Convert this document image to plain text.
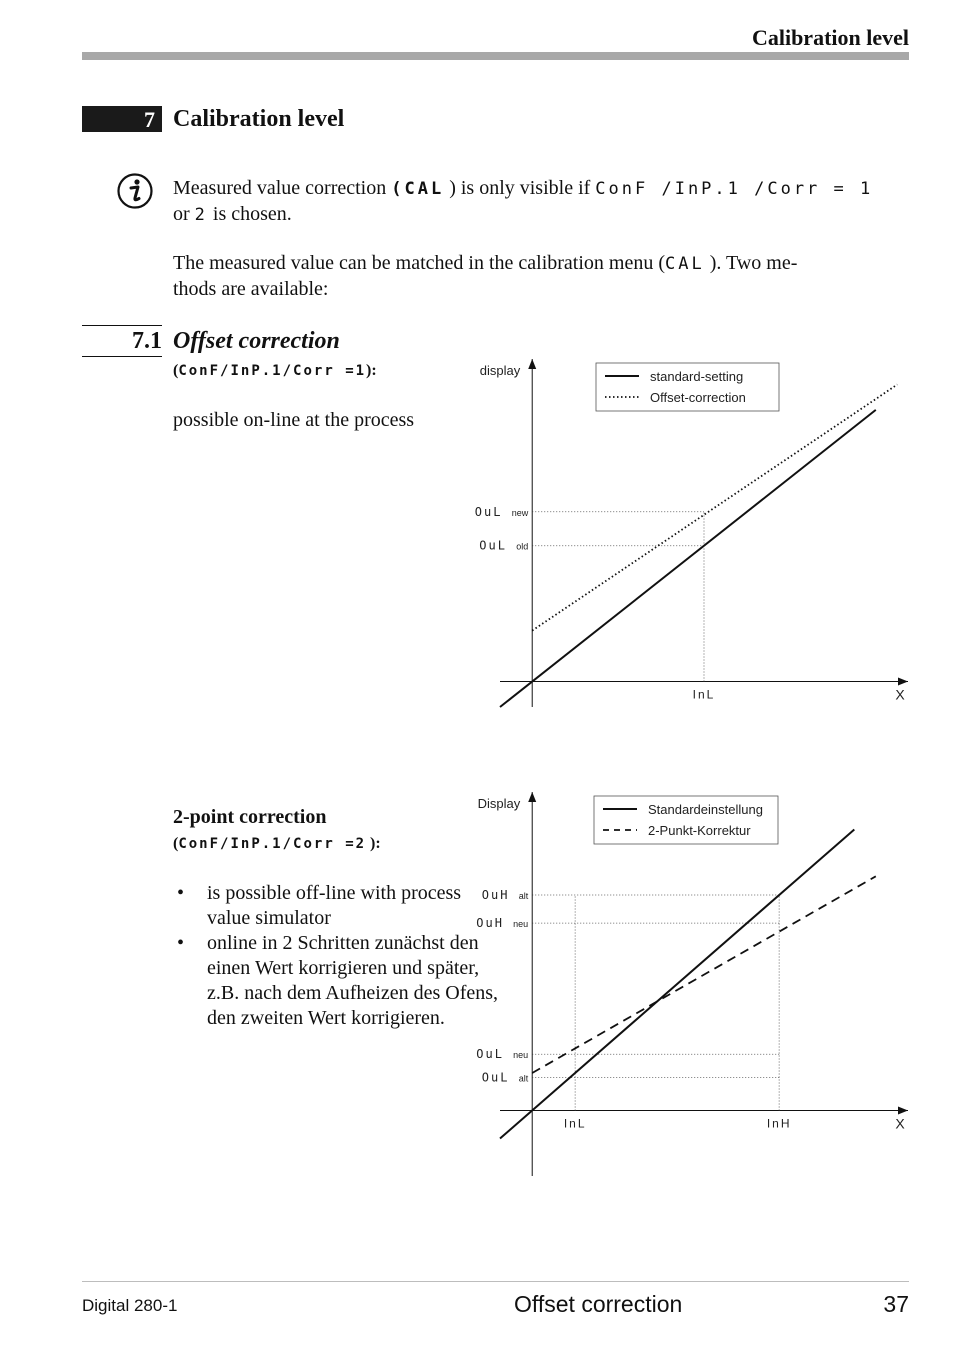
Calibration level
7 Calibration level
Measured value correction (CAL ) is only visible if ConF /InP.1 /Corr = 1
or 2 is chosen.
The measured value can be matched in the calibration menu (CAL ). Two me-
thods are available:
7.1 Offset correction
(ConF/InP.1/Corr =1):
possible on-line at the process
2-point correction
(ConF/InP.1/Corr =2 ):
• is possible off-line with process value simulator
• online in 2 Schritten zunächst den einen Wert korrigieren und später, z.B. nach dem Aufheizen des Ofens, den zweiten Wert korrigieren.
display
X
InL
OuL new
OuL old
standard-setting
Offset-correction
Display
X
InL	InH
OuH alt
OuH neu
OuL neu
OuL alt
Standardeinstellung
2-Punkt-Korrektur
Digital 280-1	Offset correction	37
